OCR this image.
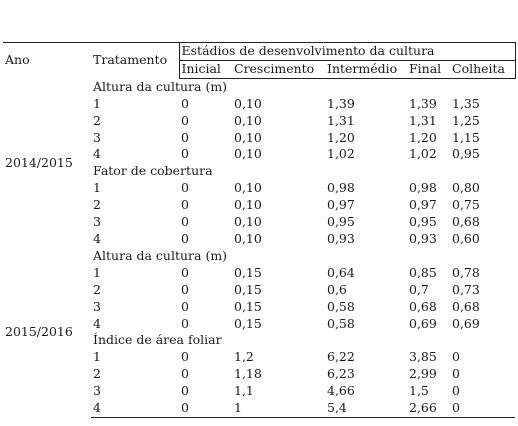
Ano	Tratamento	Estádios de desenvolvimento da cultura				
		Inicial	Crescimento	Intermédio	Final	Colheita
2014/2015	Altura da cultura (m)					
	1	0	0,10	1,39	1,39	1,35
	2	0	0,10	1,31	1,31	1,25
	3	0	0,10	1,20	1,20	1,15
	4	0	0,10	1,02	1,02	0,95
	Fator de cobertura					
	1	0	0,10	0,98	0,98	0,80
	2	0	0,10	0,97	0,97	0,75
	3	0	0,10	0,95	0,95	0,68
	4	0	0,10	0,93	0,93	0,60
2015/2016	Altura da cultura (m)					
	1	0	0,15	0,64	0,85	0,78
	2	0	0,15	0,6	0,7	0,73
	3	0	0,15	0,58	0,68	0,68
	4	0	0,15	0,58	0,69	0,69
	Índice de área foliar					
	1	0	1,2	6,22	3,85	0
	2	0	1,18	6,23	2,99	0
	3	0	1,1	4,66	1,5	0
	4	0	1	5,4	2,66	0
